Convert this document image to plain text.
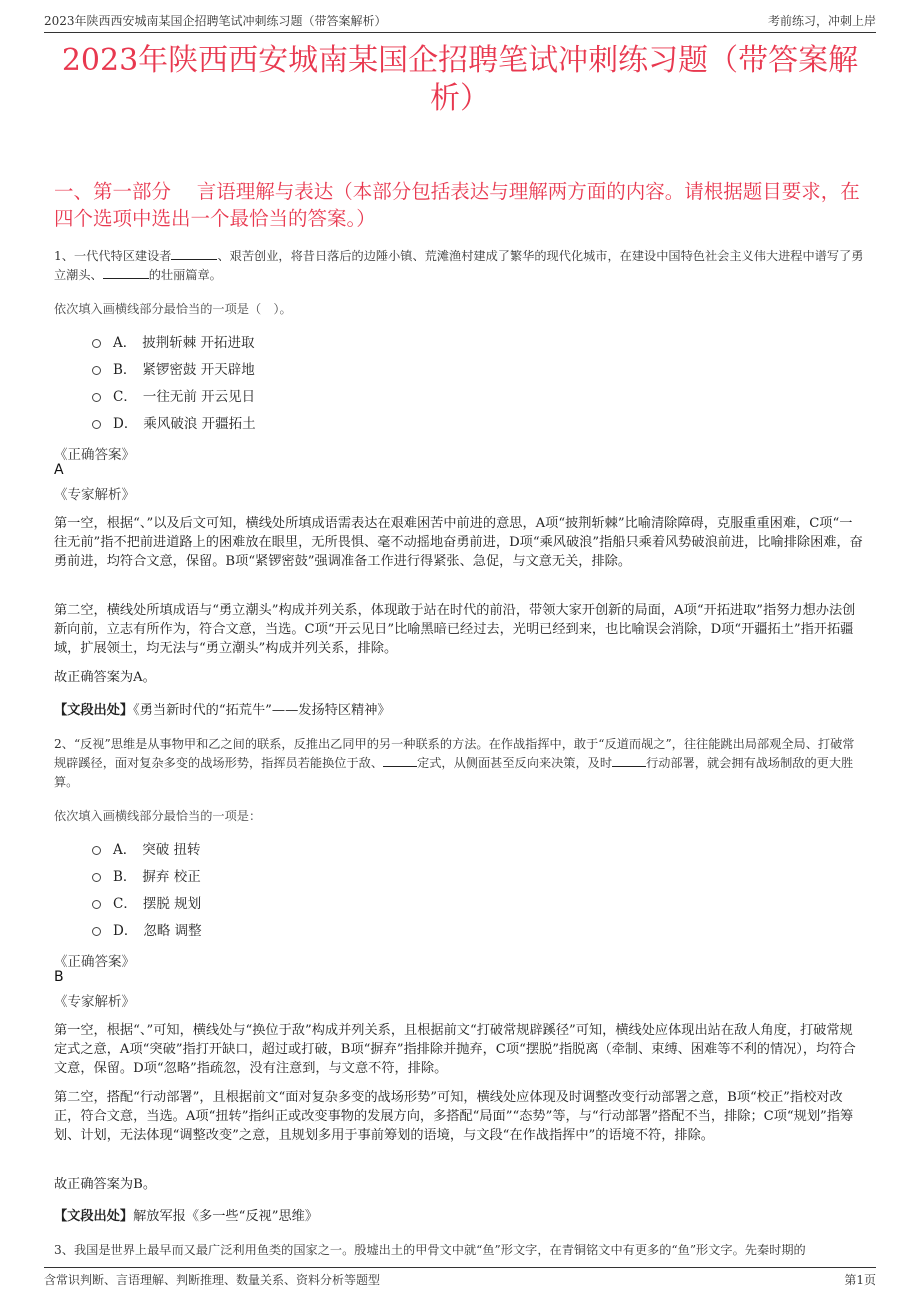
2023年陕西西安城南某国企招聘笔试冲刺练习题（带答案解析）	考前练习，冲刺上岸
2023年陕西西安城南某国企招聘笔试冲刺练习题（带答案解析）
一、第一部分　 言语理解与表达（本部分包括表达与理解两方面的内容。请根据题目要求，在四个选项中选出一个最恰当的答案。）
1、一代代特区建设者	、艰苦创业，将昔日落后的边陲小镇、荒滩渔村建成了繁华的现代化城市，在建设中国特色社会主义伟大进程中谱写了勇立潮头、	的壮丽篇章。
依次填入画横线部分最恰当的一项是（　）。
A． 披荆斩棘 开拓进取
B． 紧锣密鼓 开天辟地
C． 一往无前 开云见日
D． 乘风破浪 开疆拓土
《正确答案》
A
《专家解析》
第一空，根据“、”以及后文可知，横线处所填成语需表达在艰难困苦中前进的意思，A项“披荆斩棘”比喻清除障碍，克服重重困难，C项“一往无前”指不把前进道路上的困难放在眼里，无所畏惧、毫不动摇地奋勇前进，D项“乘风破浪”指船只乘着风势破浪前进，比喻排除困难，奋勇前进，均符合文意，保留。B项“紧锣密鼓”强调准备工作进行得紧张、急促，与文意无关，排除。
第二空，横线处所填成语与“勇立潮头”构成并列关系，体现敢于站在时代的前沿，带领大家开创新的局面，A项“开拓进取”指努力想办法创新向前，立志有所作为，符合文意，当选。C项“开云见日”比喻黑暗已经过去，光明已经到来，也比喻误会消除，D项“开疆拓土”指开拓疆域，扩展领土，均无法与“勇立潮头”构成并列关系，排除。
故正确答案为A。
【文段出处】《勇当新时代的“拓荒牛”——发扬特区精神》
2、“反视”思维是从事物甲和乙之间的联系，反推出乙同甲的另一种联系的方法。在作战指挥中，敢于“反道而觇之”，往往能跳出局部观全局、打破常规辟蹊径，面对复杂多变的战场形势，指挥员若能换位于敌、	定式，从侧面甚至反向来决策，及时	行动部署，就会拥有战场制敌的更大胜算。
依次填入画横线部分最恰当的一项是：
A． 突破 扭转
B． 摒弃 校正
C． 摆脱 规划
D． 忽略 调整
《正确答案》
B
《专家解析》
第一空，根据“、”可知，横线处与“换位于敌”构成并列关系，且根据前文“打破常规辟蹊径”可知，横线处应体现出站在敌人角度，打破常规定式之意，A项“突破”指打开缺口，超过或打破，B项“摒弃”指排除并抛弃，C项“摆脱”指脱离（牵制、束缚、困难等不利的情况），均符合文意，保留。D项“忽略”指疏忽，没有注意到，与文意不符，排除。
第二空，搭配“行动部署”，且根据前文“面对复杂多变的战场形势”可知，横线处应体现及时调整改变行动部署之意，B项“校正”指校对改正，符合文意，当选。A项“扭转”指纠正或改变事物的发展方向，多搭配“局面”“态势”等，与“行动部署”搭配不当，排除；C项“规划”指筹划、计划，无法体现“调整改变”之意，且规划多用于事前筹划的语境，与文段“在作战指挥中”的语境不符，排除。
故正确答案为B。
【文段出处】解放军报《多一些“反视”思维》
3、我国是世界上最早而又最广泛利用鱼类的国家之一。殷墟出土的甲骨文中就“鱼”形文字，在青铜铭文中有更多的“鱼”形文字。先秦时期的
含常识判断、言语理解、判断推理、数量关系、资料分析等题型	第1页
